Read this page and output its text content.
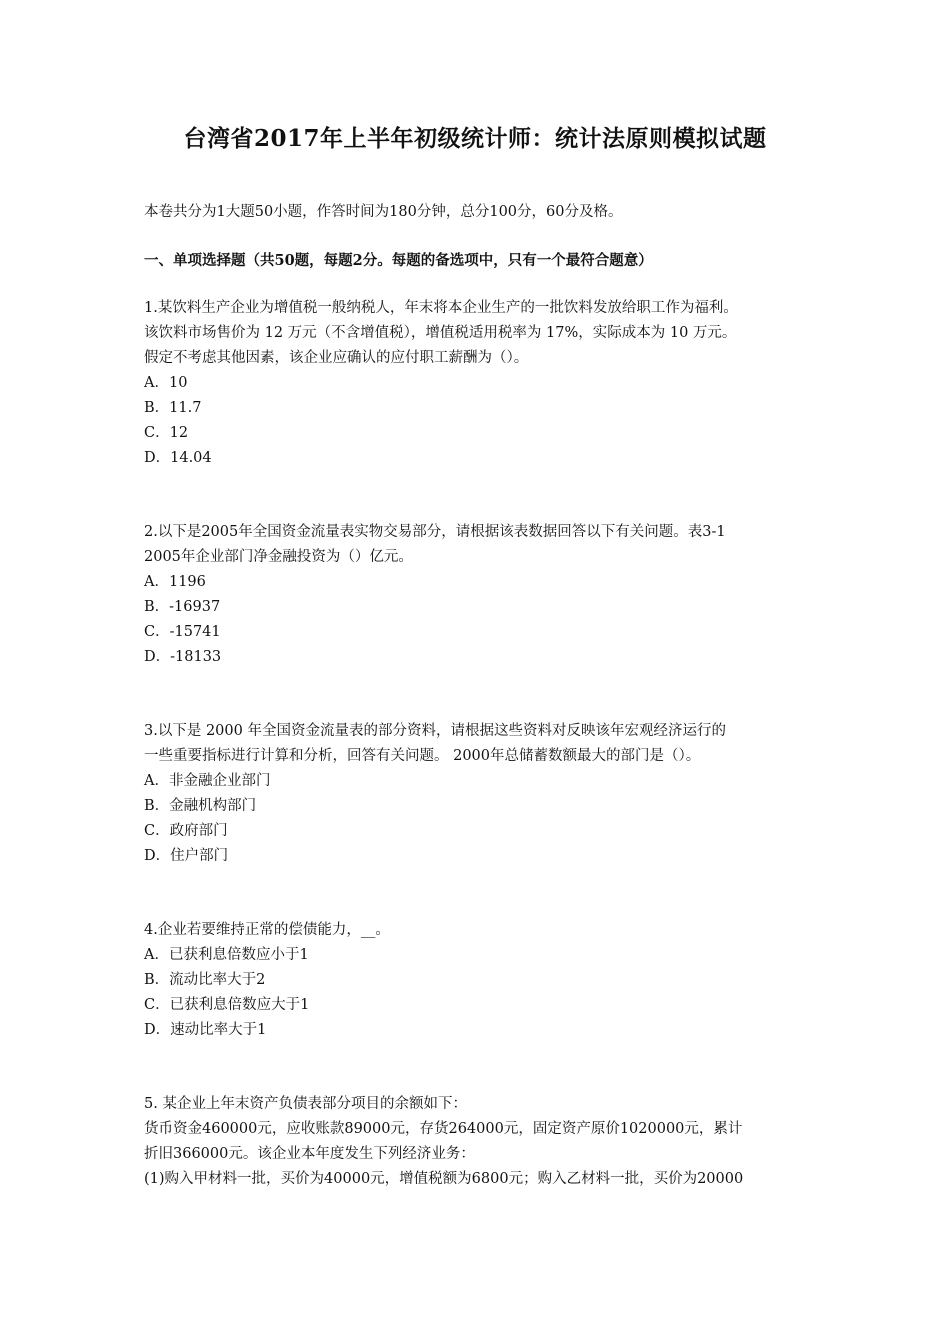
台湾省2017年上半年初级统计师：统计法原则模拟试题

本卷共分为1大题50小题，作答时间为180分钟，总分100分，60分及格。

一、单项选择题（共50题，每题2分。每题的备选项中，只有一个最符合题意）

1.某饮料生产企业为增值税一般纳税人，年末将本企业生产的一批饮料发放给职工作为福利。
该饮料市场售价为 12 万元（不含增值税），增值税适用税率为 17%，实际成本为 10 万元。
假定不考虑其他因素，该企业应确认的应付职工薪酬为（）。

A．10
B．11.7
C．12
D．14.04

2.以下是2005年全国资金流量表实物交易部分，请根据该表数据回答以下有关问题。表3-1
2005年企业部门净金融投资为（）亿元。

A．1196
B．-16937
C．-15741
D．-18133

3.以下是 2000 年全国资金流量表的部分资料，请根据这些资料对反映该年宏观经济运行的
一些重要指标进行计算和分析，回答有关问题。 2000年总储蓄数额最大的部门是（）。

A．非金融企业部门
B．金融机构部门
C．政府部门
D．住户部门

4.企业若要维持正常的偿债能力，__。

A．已获利息倍数应小于1
B．流动比率大于2
C．已获利息倍数应大于1
D．速动比率大于1

5. 某企业上年末资产负债表部分项目的余额如下：
货币资金460000元，应收账款89000元，存货264000元，固定资产原价1020000元，累计
折旧366000元。该企业本年度发生下列经济业务：
(1)购入甲材料一批，买价为40000元，增值税额为6800元；购入乙材料一批，买价为20000
